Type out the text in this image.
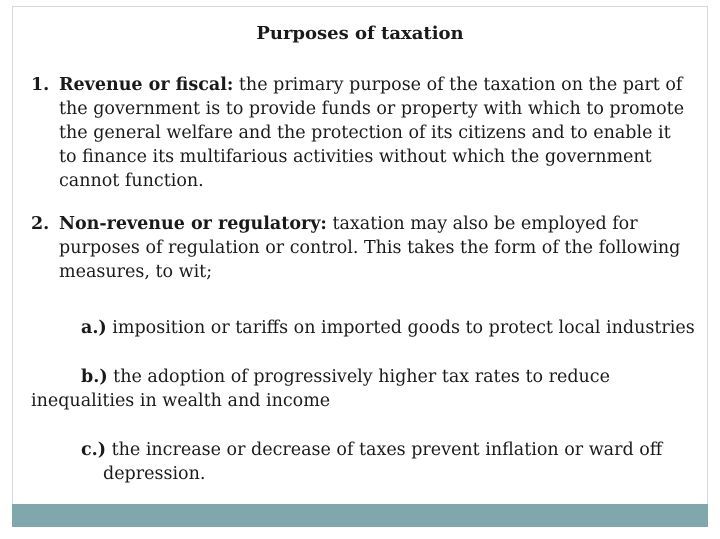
Purposes of taxation
1. Revenue or fiscal: the primary purpose of the taxation on the part of
the government is to provide funds or property with which to promote the general welfare and the protection of its citizens and to enable it to finance its multifarious activities without which the government cannot function.
2. Non-revenue or regulatory: taxation may also be employed for
purposes of regulation or control. This takes the form of the following measures, to wit;
a.) imposition or tariffs on imported goods to protect local industries
b.) the adoption of progressively higher tax rates to reduce
inequalities in wealth and income
c.) the increase or decrease of taxes prevent inflation or ward off
depression.
